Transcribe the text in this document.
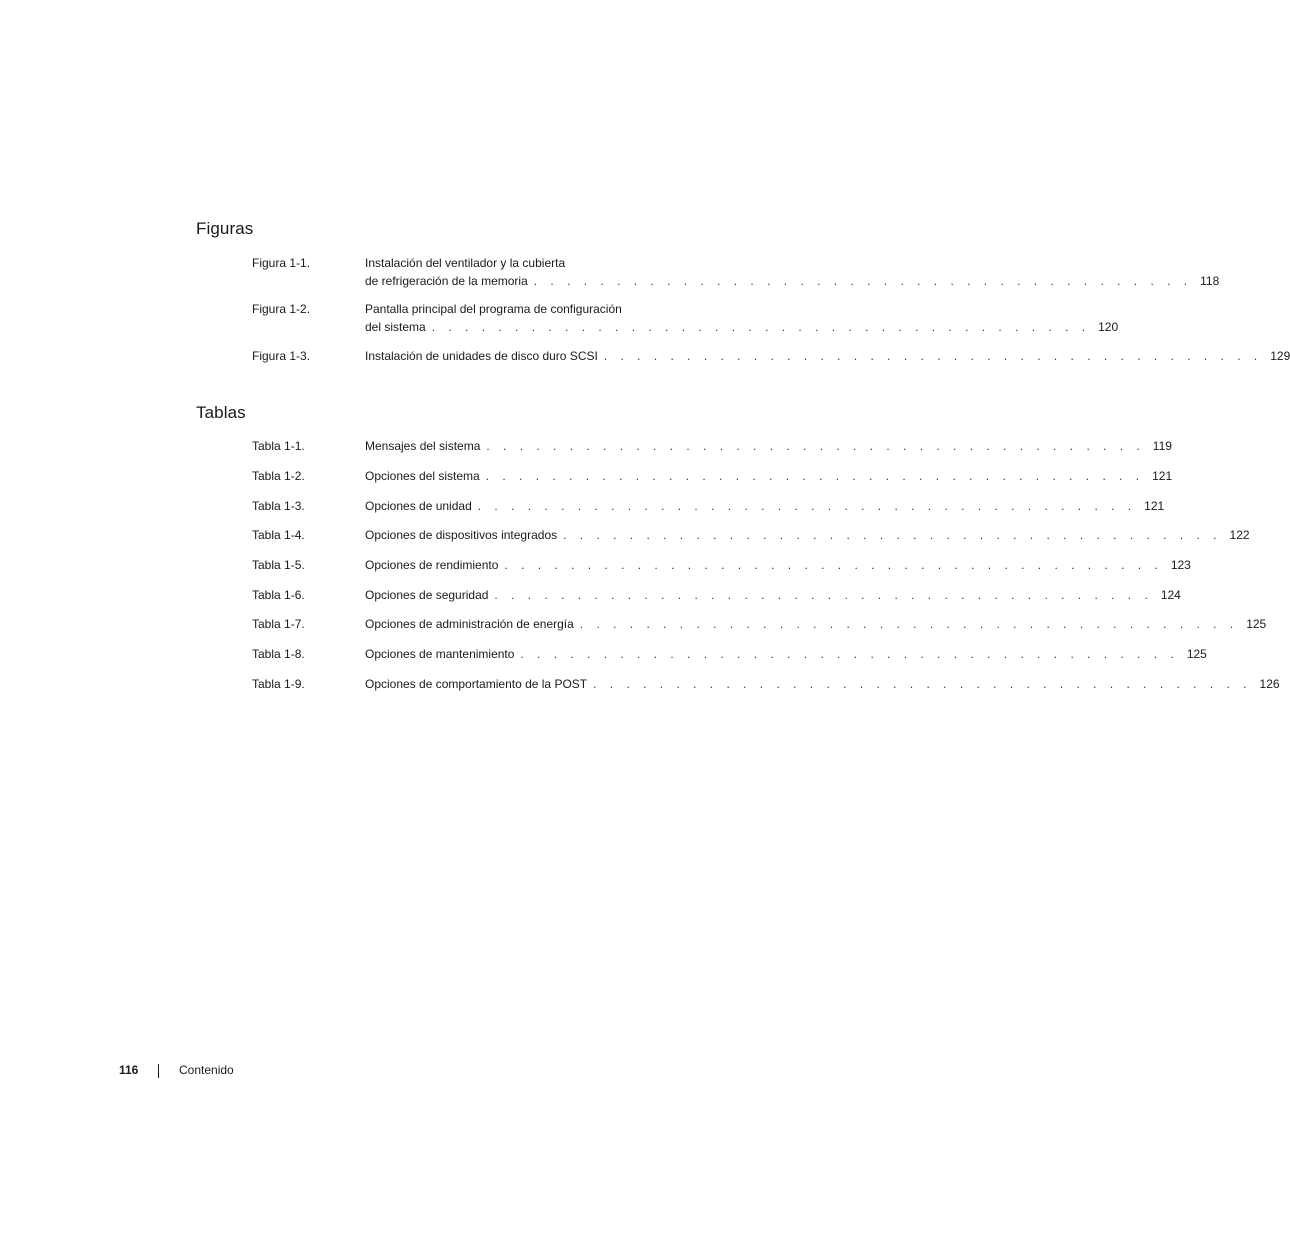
Figuras
Figura 1-1.	Instalación del ventilador y la cubierta
de refrigeración de la memoria . . . . . . . . . . . . . . . . . . . . . . . . . . . . . . . . . . . . . . . . 118
Figura 1-2.	Pantalla principal del programa de configuración
del sistema . . . . . . . . . . . . . . . . . . . . . . . . . . . . . . . . . . . . . . . . 120
Figura 1-3.	Instalación de unidades de disco duro SCSI . . . . . . . . . . . . . . . . . . . . . . . . . . . . . . . . . . . . . . . . 129
Tablas
Tabla 1-1.	Mensajes del sistema . . . . . . . . . . . . . . . . . . . . . . . . . . . . . . . . . . . . . . . . 119
Tabla 1-2.	Opciones del sistema . . . . . . . . . . . . . . . . . . . . . . . . . . . . . . . . . . . . . . . . 121
Tabla 1-3.	Opciones de unidad . . . . . . . . . . . . . . . . . . . . . . . . . . . . . . . . . . . . . . . . 121
Tabla 1-4.	Opciones de dispositivos integrados . . . . . . . . . . . . . . . . . . . . . . . . . . . . . . . . . . . . . . . . 122
Tabla 1-5.	Opciones de rendimiento . . . . . . . . . . . . . . . . . . . . . . . . . . . . . . . . . . . . . . . . 123
Tabla 1-6.	Opciones de seguridad . . . . . . . . . . . . . . . . . . . . . . . . . . . . . . . . . . . . . . . . 124
Tabla 1-7.	Opciones de administración de energía . . . . . . . . . . . . . . . . . . . . . . . . . . . . . . . . . . . . . . . . 125
Tabla 1-8.	Opciones de mantenimiento . . . . . . . . . . . . . . . . . . . . . . . . . . . . . . . . . . . . . . . . 125
Tabla 1-9.	Opciones de comportamiento de la POST . . . . . . . . . . . . . . . . . . . . . . . . . . . . . . . . . . . . . . . . 126
116	Contenido
